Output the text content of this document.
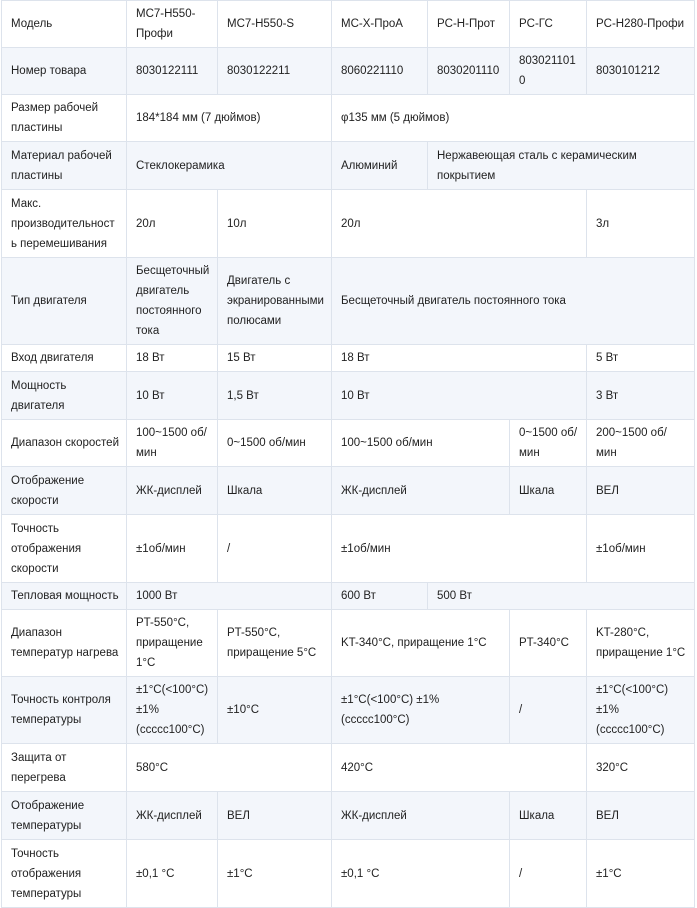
Модель	MC7-H550-Профи	MC7-H550-S	MC-X-ПроA	PC-H-Прот	PC-ГС	PC-H280-Профи
Номер товара	8030122111	8030122211	8060221110	8030201110	8030211010	8030101212
Размер рабочей пластины	184*184 мм (7 дюймов)		φ135 мм (5 дюймов)			
Материал рабочей пластины	Стеклокерамика		Алюминий	Нержавеющая сталь с керамическим покрытием		
Макс. производительность перемешивания	20л	10л	20л			3л
Тип двигателя	Бесщеточный двигатель постоянного тока	Двигатель с экранированными полюсами	Бесщеточный двигатель постоянного тока			
Вход двигателя	18 Вт	15 Вт	18 Вт			5 Вт
Мощность двигателя	10 Вт	1,5 Вт	10 Вт			3 Вт
Диапазон скоростей	100~1500 об/мин	0~1500 об/мин	100~1500 об/мин		0~1500 об/мин	200~1500 об/мин
Отображение скорости	ЖК-дисплей	Шкала	ЖК-дисплей		Шкала	ВЕЛ
Точность отображения скорости	±1об/мин	/	±1об/мин			±1об/мин
Тепловая мощность	1000 Вт		600 Вт	500 Вт		
Диапазон температур нагрева	PT-550°C, приращение 1°C	PT-550°C, приращение 5°C	KT-340°C, приращение 1°C		PT-340°C	KT-280°C, приращение 1°C
Точность контроля температуры	±1°C(<100°C) ±1%(ссссс100°C)	±10°C	±1°C(<100°C) ±1%(ссссс100°C)		/	±1°C(<100°C) ±1%(ссссс100°C)
Защита от перегрева	580°C		420°C			320°C
Отображение температуры	ЖК-дисплей	ВЕЛ	ЖК-дисплей		Шкала	ВЕЛ
Точность отображения температуры	±0,1 °C	±1°C	±0,1 °C		/	±1°C
